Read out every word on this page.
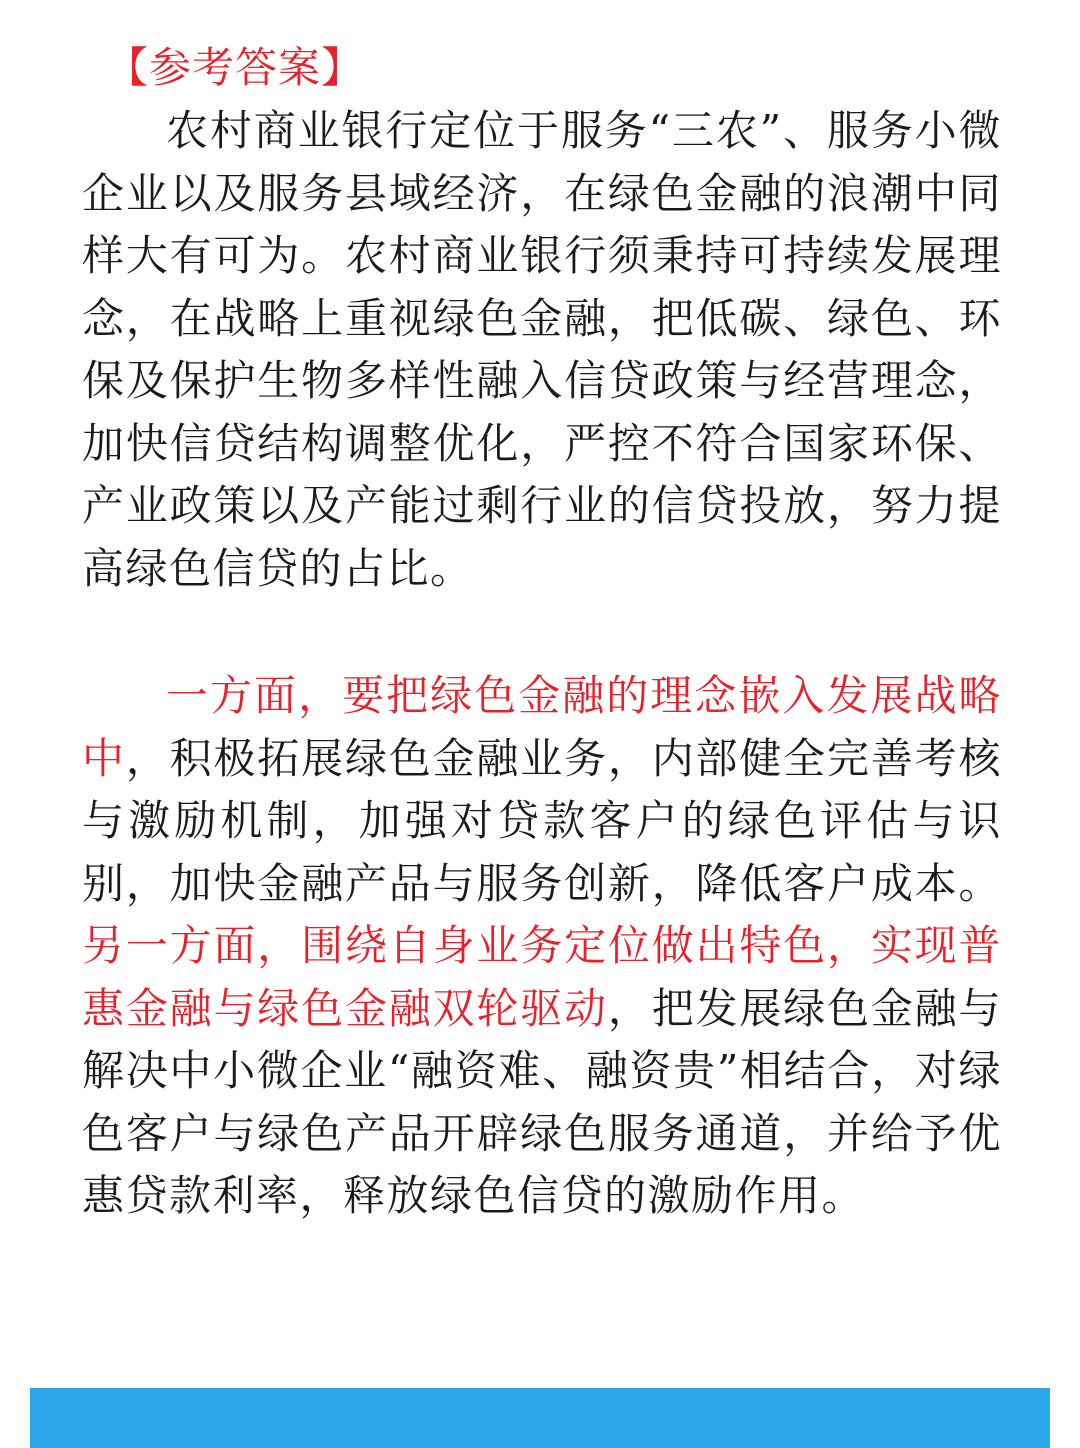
【参考答案】

农村商业银行定位于服务“三农”、服务小微企业以及服务县域经济，在绿色金融的浪潮中同样大有可为。农村商业银行须秉持可持续发展理念，在战略上重视绿色金融，把低碳、绿色、环保及保护生物多样性融入信贷政策与经营理念，加快信贷结构调整优化，严控不符合国家环保、产业政策以及产能过剩行业的信贷投放，努力提高绿色信贷的占比。

一方面，要把绿色金融的理念嵌入发展战略中，积极拓展绿色金融业务，内部健全完善考核与激励机制，加强对贷款客户的绿色评估与识别，加快金融产品与服务创新，降低客户成本。另一方面，围绕自身业务定位做出特色，实现普惠金融与绿色金融双轮驱动，把发展绿色金融与解决中小微企业“融资难、融资贵”相结合，对绿色客户与绿色产品开辟绿色服务通道，并给予优惠贷款利率，释放绿色信贷的激励作用。
